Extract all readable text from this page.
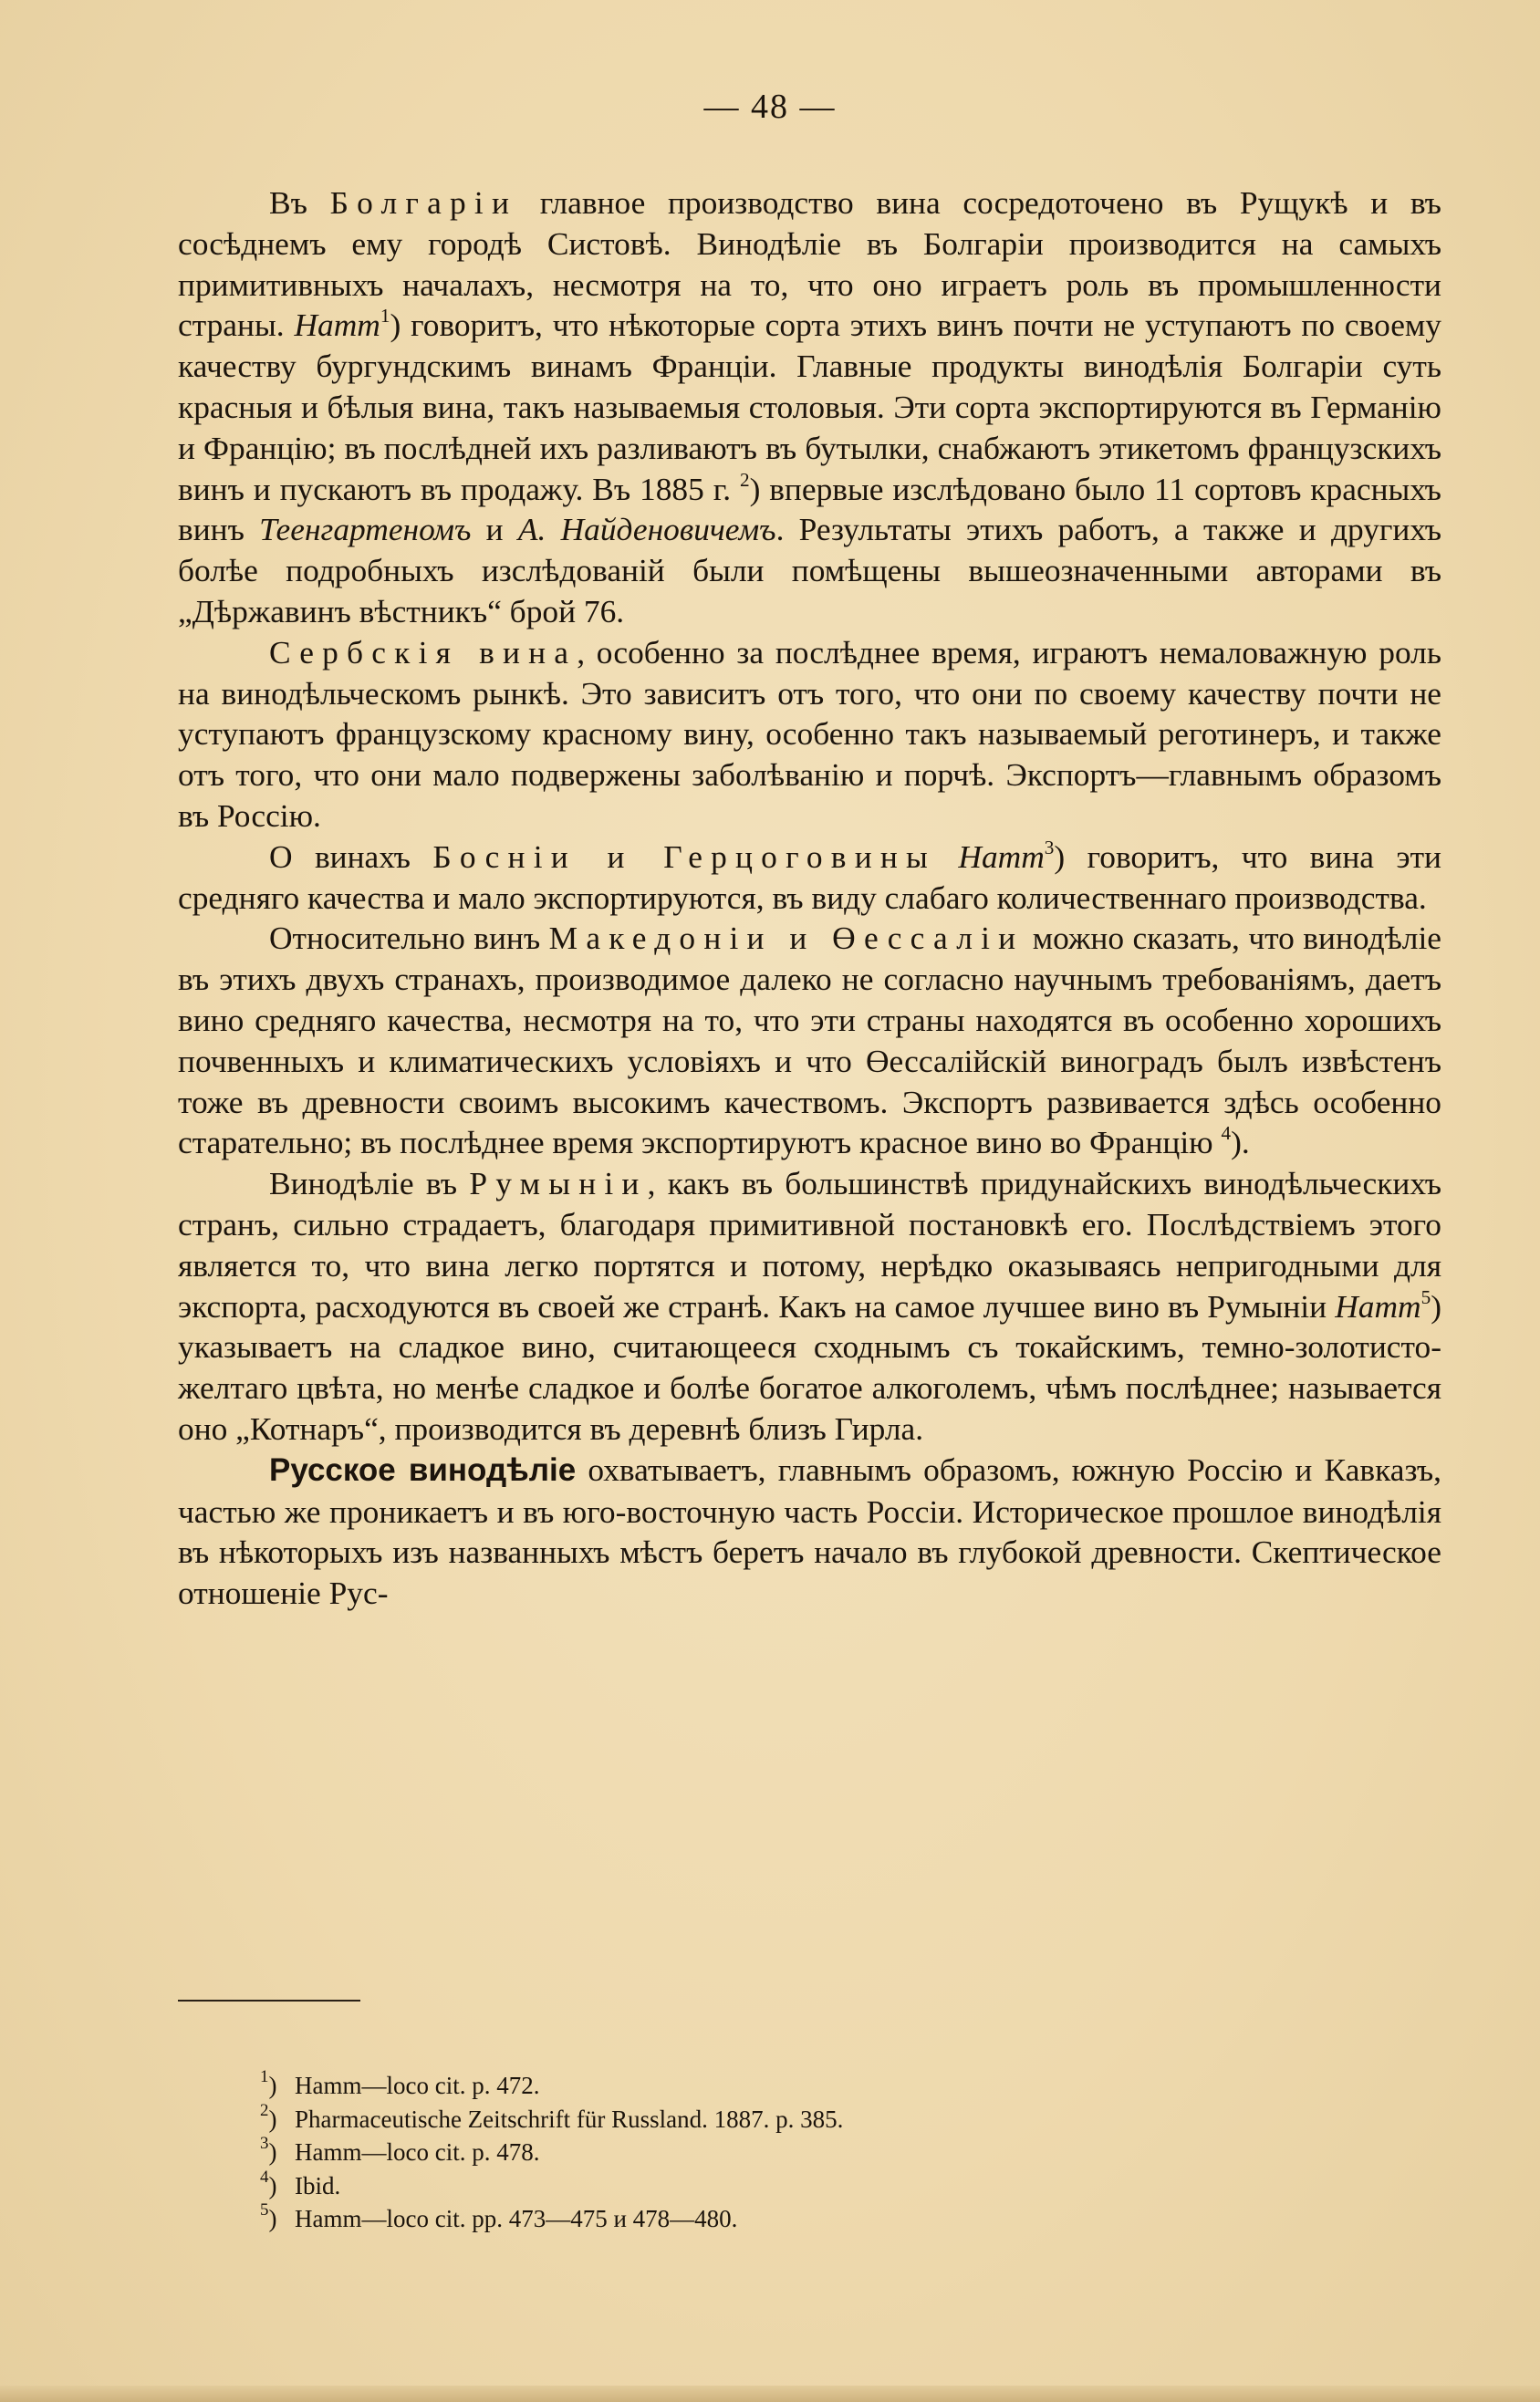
— 48 —

Въ Болгаріи главное производство вина сосредоточено въ Рущукѣ и въ сосѣднемъ ему городѣ Систовѣ. Винодѣліе въ Болгаріи производится на самыхъ примитивныхъ началахъ, несмотря на то, что оно играетъ роль въ промышленности страны. Hamm$^1$) говоритъ, что нѣкоторые сорта этихъ винъ почти не уступаютъ по своему качеству бургундскимъ винамъ Франціи. Главные продукты винодѣлія Болгаріи суть красныя и бѣлыя вина, такъ называемыя столовыя. Эти сорта экспортируются въ Германію и Францію; въ послѣдней ихъ разливаютъ въ бутылки, снабжаютъ этикетомъ французскихъ винъ и пускаютъ въ продажу. Въ 1885 г. $^2$) впервые изслѣдовано было 11 сортовъ красныхъ винъ Теенгартеномъ и А. Найденовичемъ. Результаты этихъ работъ, а также и другихъ болѣе подробныхъ изслѣдованій были помѣщены вышеозначенными авторами въ „Дѣржавинъ вѣстникъ“ брой 76.

Сербскія вина, особенно за послѣднее время, играютъ немаловажную роль на винодѣльческомъ рынкѣ. Это зависитъ отъ того, что они по своему качеству почти не уступаютъ французскому красному вину, особенно такъ называемый реготинеръ, и также отъ того, что они мало подвержены заболѣванію и порчѣ. Экспортъ—главнымъ образомъ въ Россію.

О винахъ Босніи и Герцоговины Hamm$^3$) говоритъ, что вина эти средняго качества и мало экспортируются, въ виду слабаго количественнаго производства.

Относительно винъ Македоніи и Өессаліи можно сказать, что винодѣліе въ этихъ двухъ странахъ, производимое далеко не согласно научнымъ требованіямъ, даетъ вино средняго качества, несмотря на то, что эти страны находятся въ особенно хорошихъ почвенныхъ и климатическихъ условіяхъ и что Өессалійскій виноградъ былъ извѣстенъ тоже въ древности своимъ высокимъ качествомъ. Экспортъ развивается здѣсь особенно старательно; въ послѣднее время экспортируютъ красное вино во Францію $^4$).

Винодѣліе въ Румыніи, какъ въ большинствѣ придунайскихъ винодѣльческихъ странъ, сильно страдаетъ, благодаря примитивной постановкѣ его. Послѣдствіемъ этого является то, что вина легко портятся и потому, нерѣдко оказываясь непригодными для экспорта, расходуются въ своей же странѣ. Какъ на самое лучшее вино въ Румыніи Hamm$^5$) указываетъ на сладкое вино, считающееся сходнымъ съ токайскимъ, темно-золотисто-желтаго цвѣта, но менѣе сладкое и болѣе богатое алкоголемъ, чѣмъ послѣднее; называется оно „Котнаръ“, производится въ деревнѣ близъ Гирла.

Русское винодѣліе охватываетъ, главнымъ образомъ, южную Россію и Кавказъ, частью же проникаетъ и въ юго-восточную часть Россіи. Историческое прошлое винодѣлія въ нѣкоторыхъ изъ названныхъ мѣстъ беретъ начало въ глубокой древности. Скептическое отношеніе Рус-

$^1$) Hamm—loco cit. p. 472.
$^2$) Pharmaceutische Zeitschrift für Russland. 1887. p. 385.
$^3$) Hamm—loco cit. p. 478.
$^4$) Ibid.
$^5$) Hamm—loco cit. pp. 473—475 и 478—480.
